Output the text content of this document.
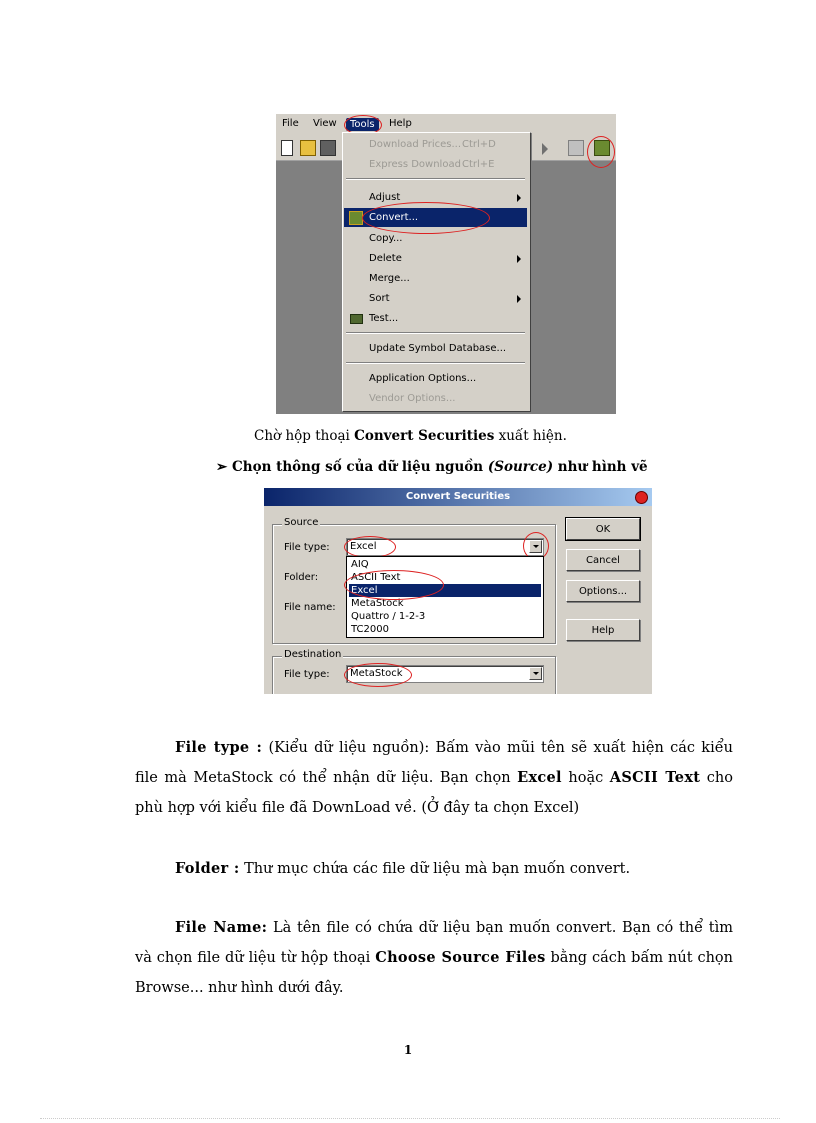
File View	Tools	Help
Download Prices... Ctrl+D
Express Download Ctrl+E
Adjust
Convert...
Copy...
Delete
Merge...
Sort
Test...
Update Symbol Database...
Application Options...
Vendor Options...
Chờ hộp thoại Convert Securities xuất hiện.
➢ Chọn thông số của dữ liệu nguồn (Source) như hình vẽ
Convert Securities
Source
File type: Excel
Folder:
File name:
AIQ
ASCII Text
Excel
MetaStock
Quattro / 1-2-3
TC2000
Destination
File type: MetaStock
OK
Cancel
Options...
Help
File type : (Kiểu dữ liệu nguồn): Bấm vào mũi tên sẽ xuất hiện các kiểu file mà MetaStock có thể nhận dữ liệu. Bạn chọn Excel hoặc ASCII Text cho phù hợp với kiểu file đã DownLoad về. (Ở đây ta chọn Excel)
Folder : Thư mục chứa các file dữ liệu mà bạn muốn convert.
File Name: Là tên file có chứa dữ liệu bạn muốn convert. Bạn có thể tìm và chọn file dữ liệu từ hộp thoại Choose Source Files bằng cách bấm nút chọn Browse... như hình dưới đây.
1
